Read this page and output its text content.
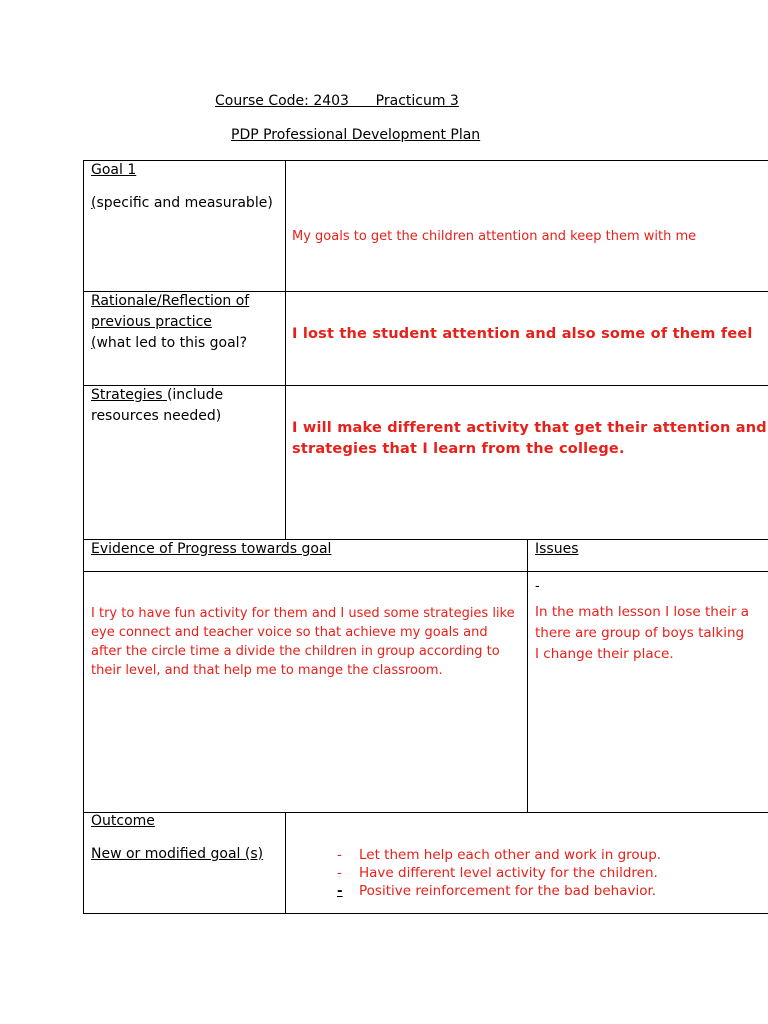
Course Code: 2403      Practicum 3
PDP Professional Development Plan
Goal 1
(specific and measurable)
My goals to get the children attention and keep them with me
Rationale/Reflection of previous practice
(what led to this goal?
I lost the student attention and also some of them feel
Strategies (include resources needed)
I will make different activity that get their attention and
strategies that I learn from the college.
Evidence of Progress towards goal	Issues
I try to have fun activity for them and I used some strategies like eye connect and teacher voice so that achieve my goals and after the circle time a divide the children in group according to their level, and that help me to mange the classroom.
-
In the math lesson I lose their a
there are group of boys talking
I change their place.
Outcome
New or modified goal (s)	- Let them help each other and work in group.
- Have different level activity for the children.
- Positive reinforcement for the bad behavior.
